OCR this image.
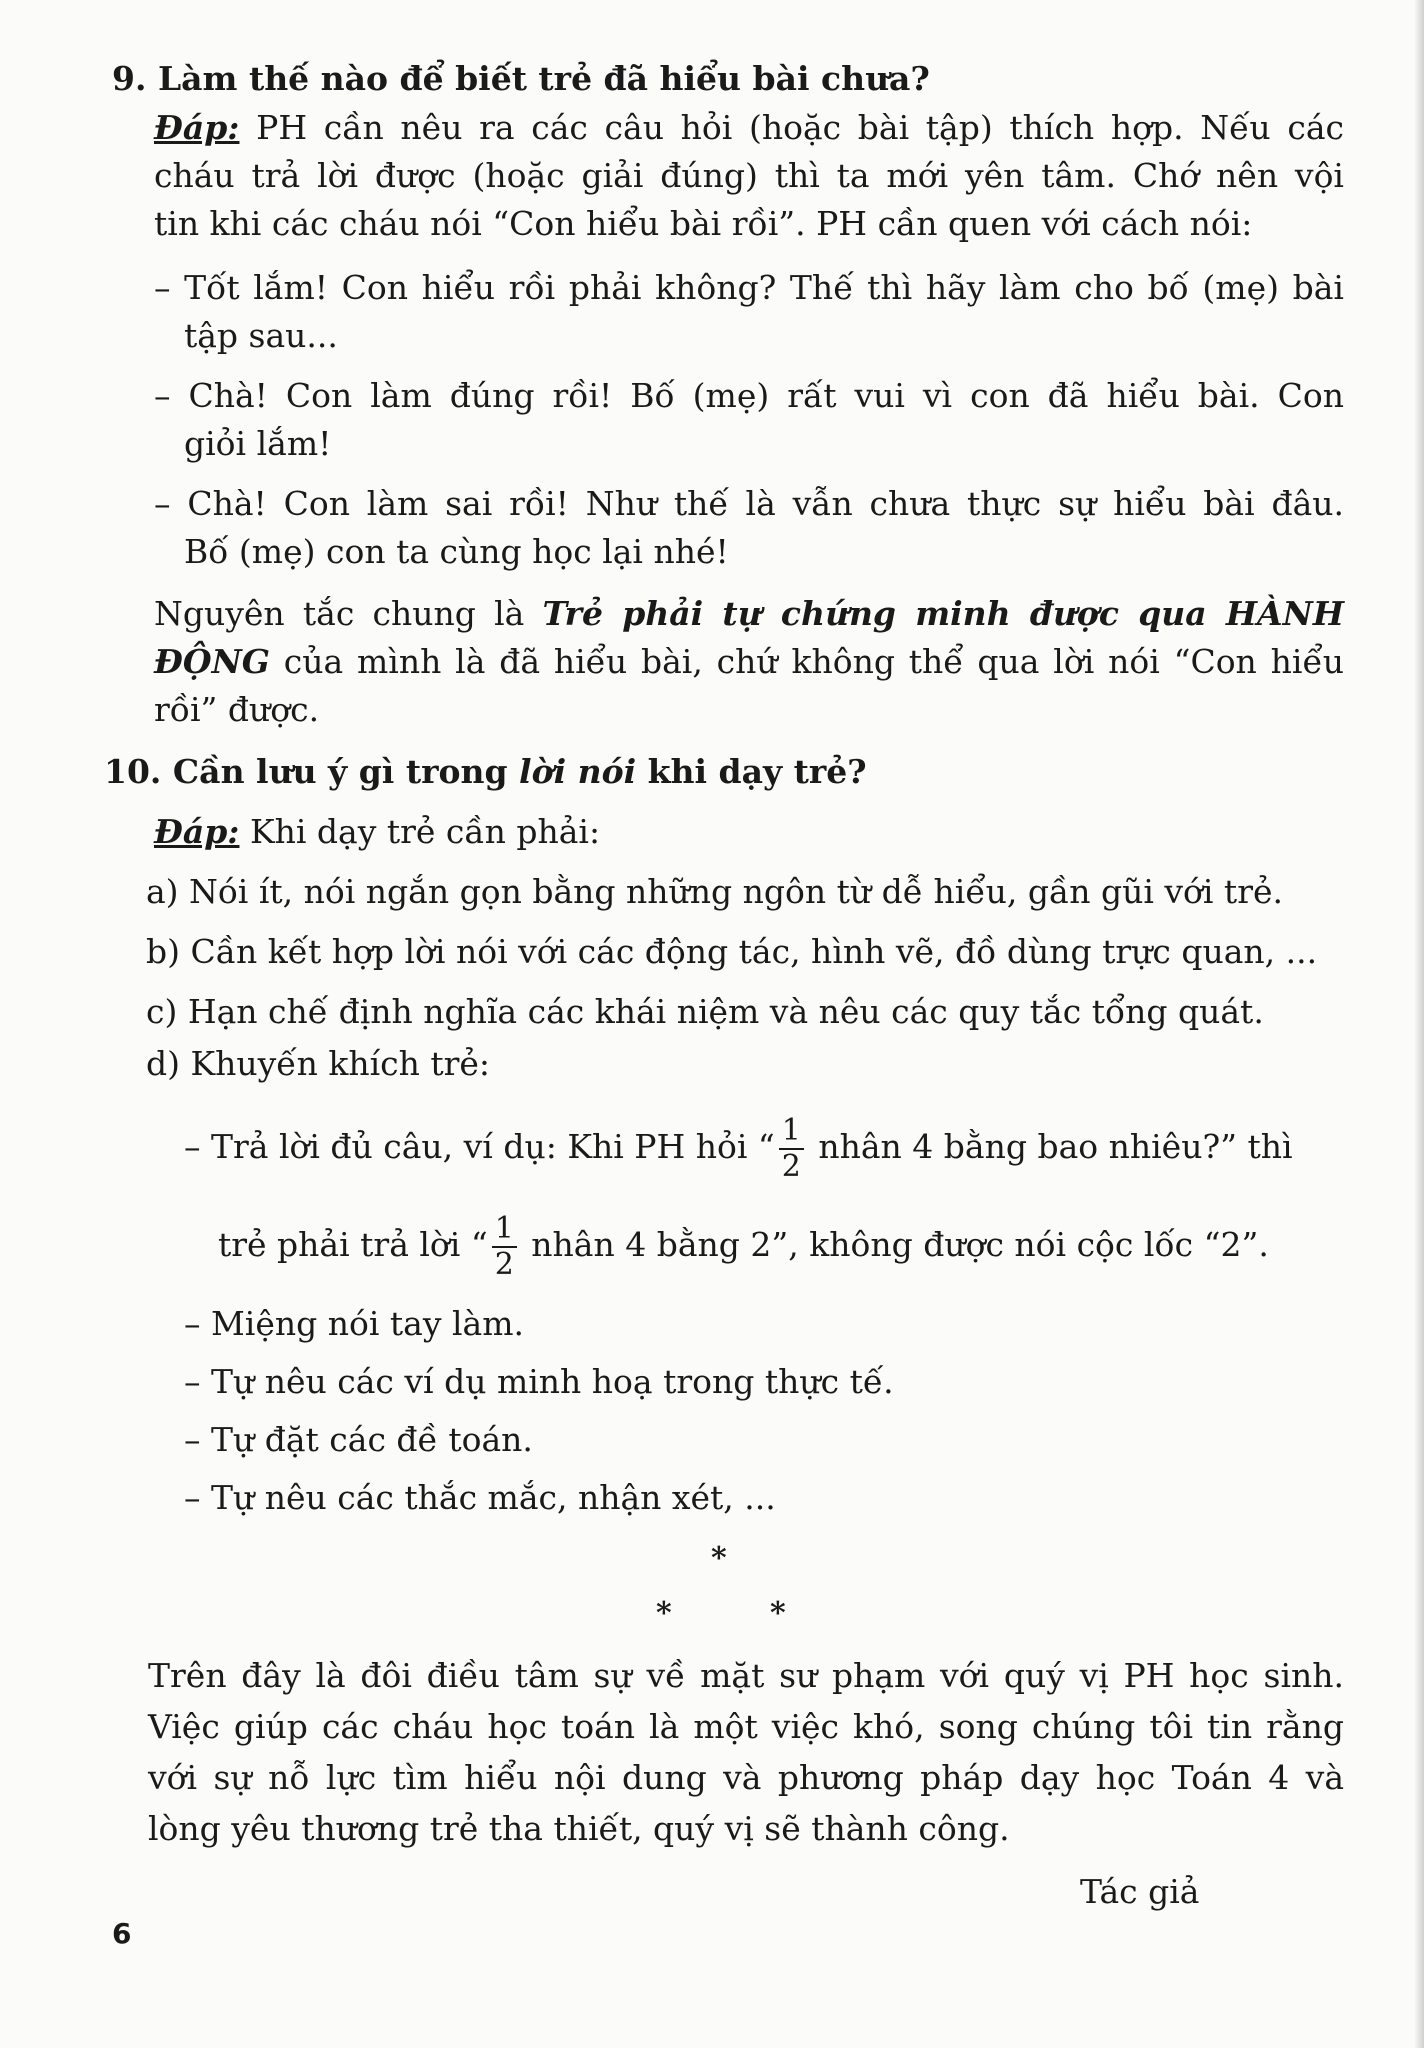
9. Làm thế nào để biết trẻ đã hiểu bài chưa?
Đáp: PH cần nêu ra các câu hỏi (hoặc bài tập) thích hợp. Nếu các
cháu trả lời được (hoặc giải đúng) thì ta mới yên tâm. Chớ nên vội
tin khi các cháu nói “Con hiểu bài rồi”. PH cần quen với cách nói:
– Tốt lắm! Con hiểu rồi phải không? Thế thì hãy làm cho bố (mẹ) bài
tập sau...
– Chà! Con làm đúng rồi! Bố (mẹ) rất vui vì con đã hiểu bài. Con
giỏi lắm!
– Chà! Con làm sai rồi! Như thế là vẫn chưa thực sự hiểu bài đâu.
Bố (mẹ) con ta cùng học lại nhé!
Nguyên tắc chung là Trẻ phải tự chứng minh được qua HÀNH
ĐỘNG của mình là đã hiểu bài, chứ không thể qua lời nói “Con hiểu
rồi” được.
10. Cần lưu ý gì trong lời nói khi dạy trẻ?
Đáp: Khi dạy trẻ cần phải:
a) Nói ít, nói ngắn gọn bằng những ngôn từ dễ hiểu, gần gũi với trẻ.
b) Cần kết hợp lời nói với các động tác, hình vẽ, đồ dùng trực quan, ...
c) Hạn chế định nghĩa các khái niệm và nêu các quy tắc tổng quát.
d) Khuyến khích trẻ:
– Trả lời đủ câu, ví dụ: Khi PH hỏi “ $\frac{1}{2}$ nhân 4 bằng bao nhiêu?” thì
trẻ phải trả lời “ $\frac{1}{2}$ nhân 4 bằng 2”, không được nói cộc lốc “2”.
– Miệng nói tay làm.
– Tự nêu các ví dụ minh hoạ trong thực tế.
– Tự đặt các đề toán.
– Tự nêu các thắc mắc, nhận xét, ...
*
*	*
Trên đây là đôi điều tâm sự về mặt sư phạm với quý vị PH học sinh.
Việc giúp các cháu học toán là một việc khó, song chúng tôi tin rằng
với sự nỗ lực tìm hiểu nội dung và phương pháp dạy học Toán 4 và
lòng yêu thương trẻ tha thiết, quý vị sẽ thành công.
Tác giả
6
